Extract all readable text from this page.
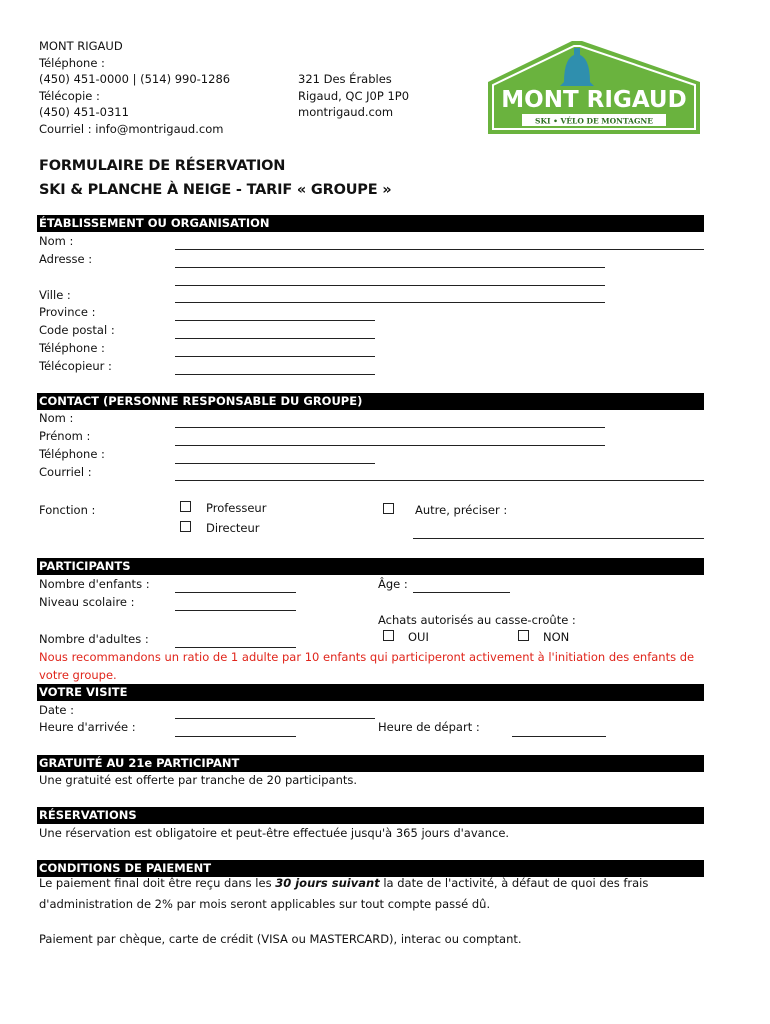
MONT RIGAUD
Téléphone :
(450) 451-0000 | (514) 990-1286
Télécopie :
(450) 451-0311
Courriel : info@montrigaud.com
321 Des Érables
Rigaud, QC J0P 1P0
montrigaud.com	MONT RIGAUD
SKI • VÉLO DE MONTAGNE
FORMULAIRE DE RÉSERVATION
SKI & PLANCHE À NEIGE - TARIF « GROUPE »
ÉTABLISSEMENT OU ORGANISATION
Nom :
Adresse :
Ville :
Province :
Code postal :
Téléphone :
Télécopieur :
CONTACT (PERSONNE RESPONSABLE DU GROUPE)
Nom :
Prénom :
Téléphone :
Courriel :
Fonction :	Professeur
Directeur
Autre, préciser :
PARTICIPANTS
Nombre d'enfants :	Âge :
Niveau scolaire :
Achats autorisés au casse-croûte :
OUI	NON
Nombre d'adultes :
Nous recommandons un ratio de 1 adulte par 10 enfants qui participeront activement à l'initiation des enfants de
votre groupe.
VOTRE VISITE
Date :
Heure d'arrivée :	Heure de départ :
GRATUITÉ AU 21e PARTICIPANT
Une gratuité est offerte par tranche de 20 participants.
RÉSERVATIONS
Une réservation est obligatoire et peut-être effectuée jusqu'à 365 jours d'avance.
CONDITIONS DE PAIEMENT
Le paiement final doit être reçu dans les 30 jours suivant la date de l'activité, à défaut de quoi des frais
d'administration de 2% par mois seront applicables sur tout compte passé dû.
Paiement par chèque, carte de crédit (VISA ou MASTERCARD), interac ou comptant.
